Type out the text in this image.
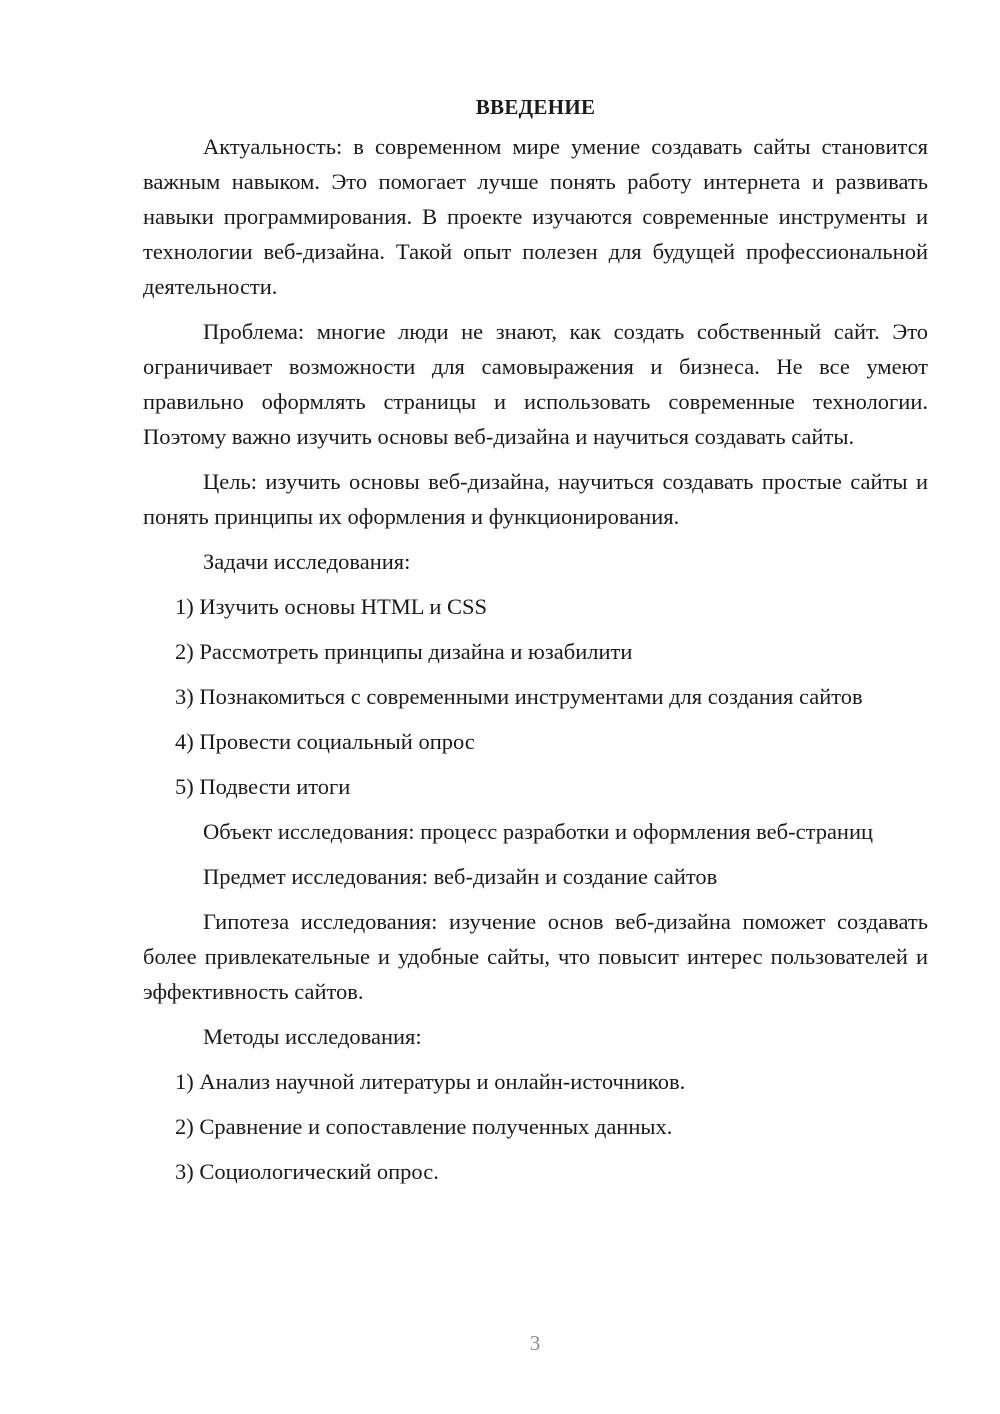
ВВЕДЕНИЕ

Актуальность: в современном мире умение создавать сайты становится важным навыком. Это помогает лучше понять работу интернета и развивать навыки программирования. В проекте изучаются современные инструменты и технологии веб-дизайна. Такой опыт полезен для будущей профессиональной деятельности.

Проблема: многие люди не знают, как создать собственный сайт. Это ограничивает возможности для самовыражения и бизнеса. Не все умеют правильно оформлять страницы и использовать современные технологии. Поэтому важно изучить основы веб-дизайна и научиться создавать сайты.

Цель: изучить основы веб-дизайна, научиться создавать простые сайты и понять принципы их оформления и функционирования.

Задачи исследования:

1) Изучить основы HTML и CSS

2) Рассмотреть принципы дизайна и юзабилити

3) Познакомиться с современными инструментами для создания сайтов

4) Провести социальный опрос

5) Подвести итоги

Объект исследования: процесс разработки и оформления веб-страниц

Предмет исследования: веб-дизайн и создание сайтов

Гипотеза исследования: изучение основ веб-дизайна поможет создавать более привлекательные и удобные сайты, что повысит интерес пользователей и эффективность сайтов.

Методы исследования:

1) Анализ научной литературы и онлайн-источников.

2) Сравнение и сопоставление полученных данных.

3) Социологический опрос.

3
